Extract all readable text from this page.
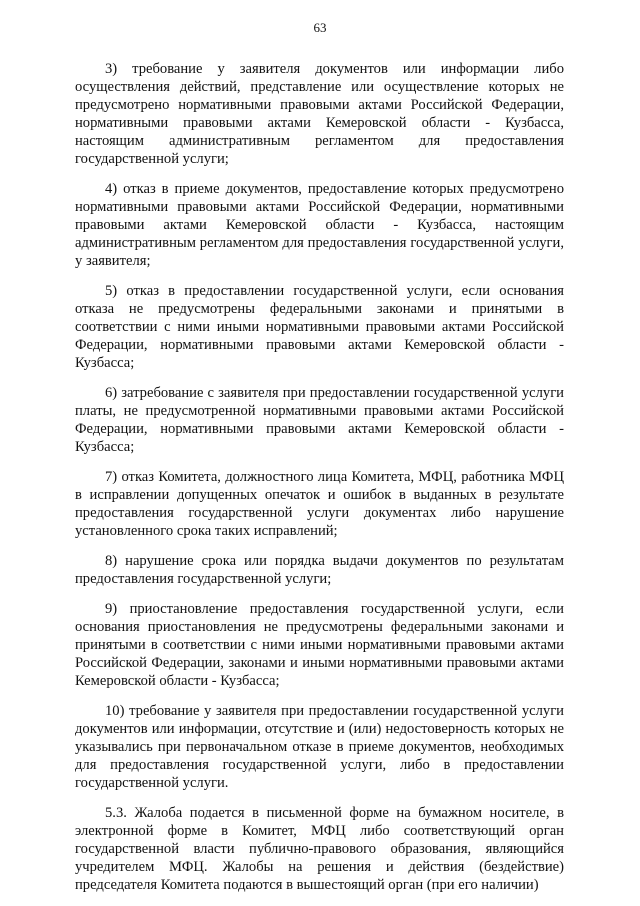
63

3) требование у заявителя документов или информации либо осуществления действий, представление или осуществление которых не предусмотрено нормативными правовыми актами Российской Федерации, нормативными правовыми актами Кемеровской области - Кузбасса, настоящим административным регламентом для предоставления государственной услуги;

4) отказ в приеме документов, предоставление которых предусмотрено нормативными правовыми актами Российской Федерации, нормативными правовыми актами Кемеровской области - Кузбасса, настоящим административным регламентом для предоставления государственной услуги, у заявителя;

5) отказ в предоставлении государственной услуги, если основания отказа не предусмотрены федеральными законами и принятыми в соответствии с ними иными нормативными правовыми актами Российской Федерации, нормативными правовыми актами Кемеровской области - Кузбасса;

6) затребование с заявителя при предоставлении государственной услуги платы, не предусмотренной нормативными правовыми актами Российской Федерации, нормативными правовыми актами Кемеровской области - Кузбасса;

7) отказ Комитета, должностного лица Комитета, МФЦ, работника МФЦ в исправлении допущенных опечаток и ошибок в выданных в результате предоставления государственной услуги документах либо нарушение установленного срока таких исправлений;

8) нарушение срока или порядка выдачи документов по результатам предоставления государственной услуги;

9) приостановление предоставления государственной услуги, если основания приостановления не предусмотрены федеральными законами и принятыми в соответствии с ними иными нормативными правовыми актами Российской Федерации, законами и иными нормативными правовыми актами Кемеровской области - Кузбасса;

10) требование у заявителя при предоставлении государственной услуги документов или информации, отсутствие и (или) недостоверность которых не указывались при первоначальном отказе в приеме документов, необходимых для предоставления государственной услуги, либо в предоставлении государственной услуги.

5.3. Жалоба подается в письменной форме на бумажном носителе, в электронной форме в Комитет, МФЦ либо соответствующий орган государственной власти публично-правового образования, являющийся учредителем МФЦ. Жалобы на решения и действия (бездействие) председателя Комитета подаются в вышестоящий орган (при его наличии)
